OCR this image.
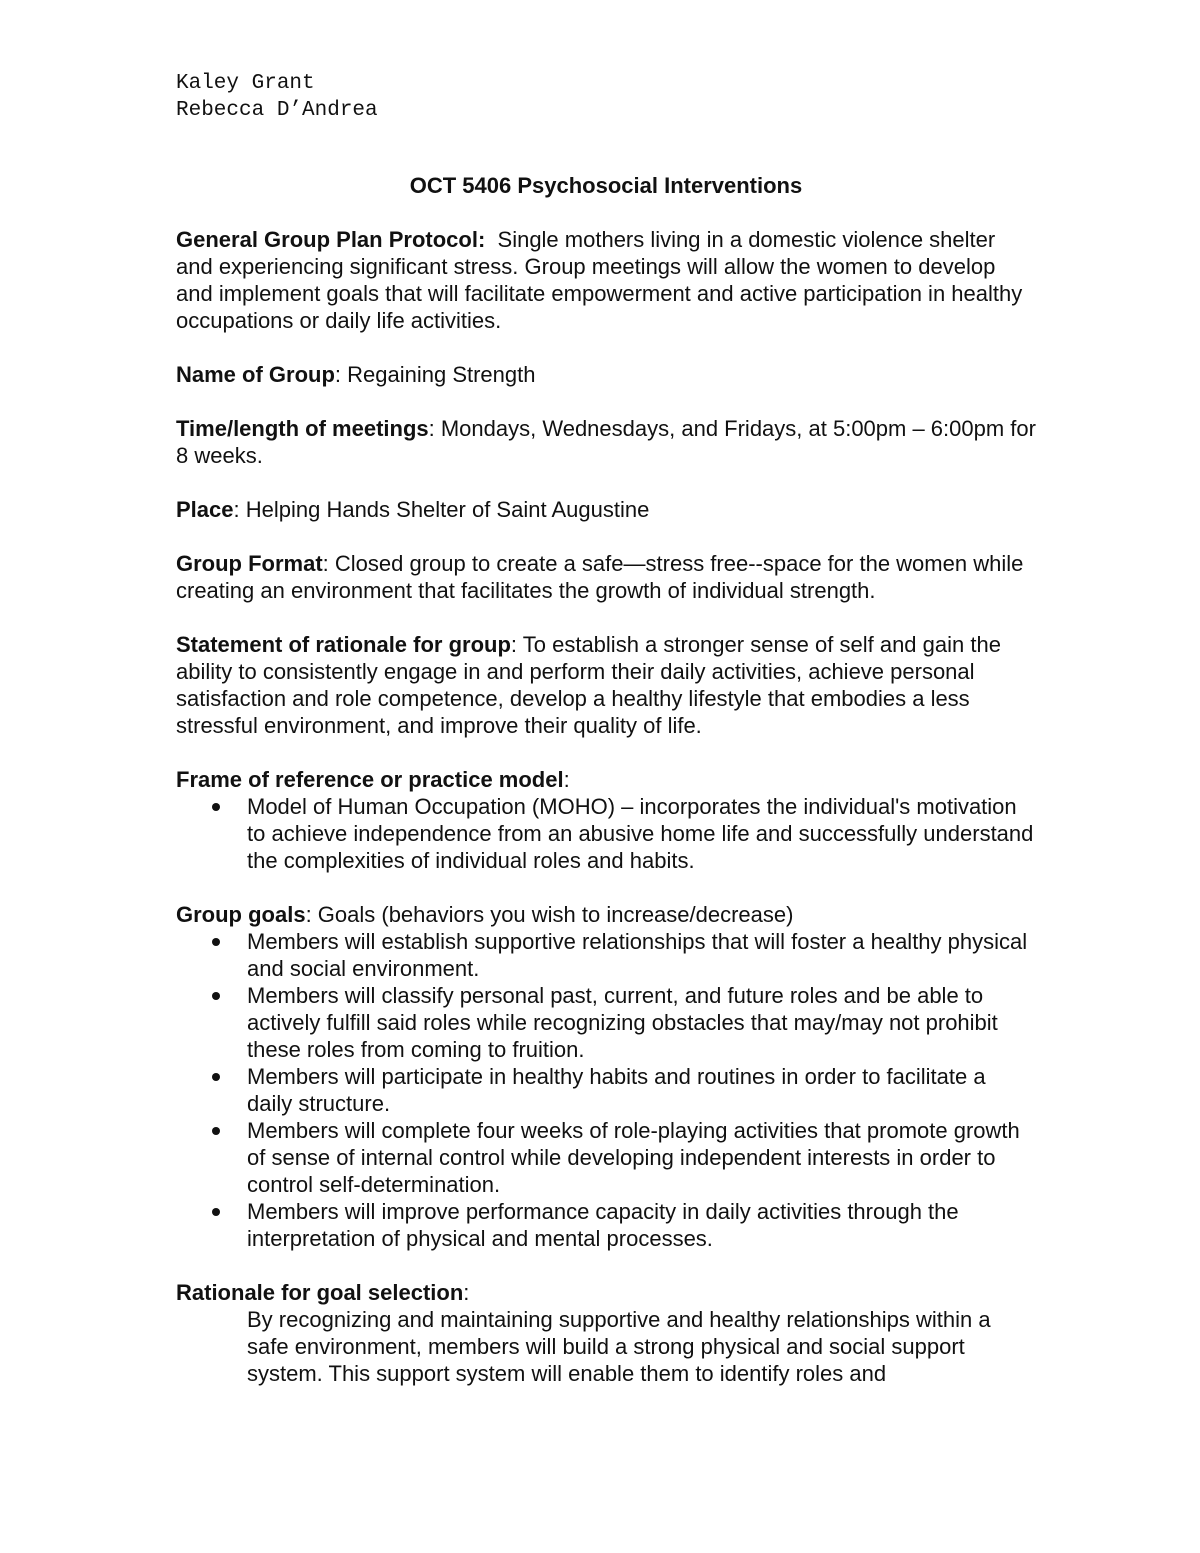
Kaley Grant
Rebecca D’Andrea
OCT 5406 Psychosocial Interventions

General Group Plan Protocol: Single mothers living in a domestic violence shelter and experiencing significant stress. Group meetings will allow the women to develop and implement goals that will facilitate empowerment and active participation in healthy occupations or daily life activities.

Name of Group: Regaining Strength

Time/length of meetings: Mondays, Wednesdays, and Fridays, at 5:00pm – 6:00pm for 8 weeks.

Place: Helping Hands Shelter of Saint Augustine

Group Format: Closed group to create a safe—stress free--space for the women while creating an environment that facilitates the growth of individual strength.

Statement of rationale for group: To establish a stronger sense of self and gain the ability to consistently engage in and perform their daily activities, achieve personal satisfaction and role competence, develop a healthy lifestyle that embodies a less stressful environment, and improve their quality of life.

Frame of reference or practice model:
Model of Human Occupation (MOHO) – incorporates the individual's motivation to achieve independence from an abusive home life and successfully understand the complexities of individual roles and habits.
Group goals: Goals (behaviors you wish to increase/decrease)
Members will establish supportive relationships that will foster a healthy physical and social environment.
Members will classify personal past, current, and future roles and be able to actively fulfill said roles while recognizing obstacles that may/may not prohibit these roles from coming to fruition.
Members will participate in healthy habits and routines in order to facilitate a daily structure.
Members will complete four weeks of role-playing activities that promote growth of sense of internal control while developing independent interests in order to control self-determination.
Members will improve performance capacity in daily activities through the interpretation of physical and mental processes.
Rationale for goal selection:
By recognizing and maintaining supportive and healthy relationships within a safe environment, members will build a strong physical and social support system. This support system will enable them to identify roles and
